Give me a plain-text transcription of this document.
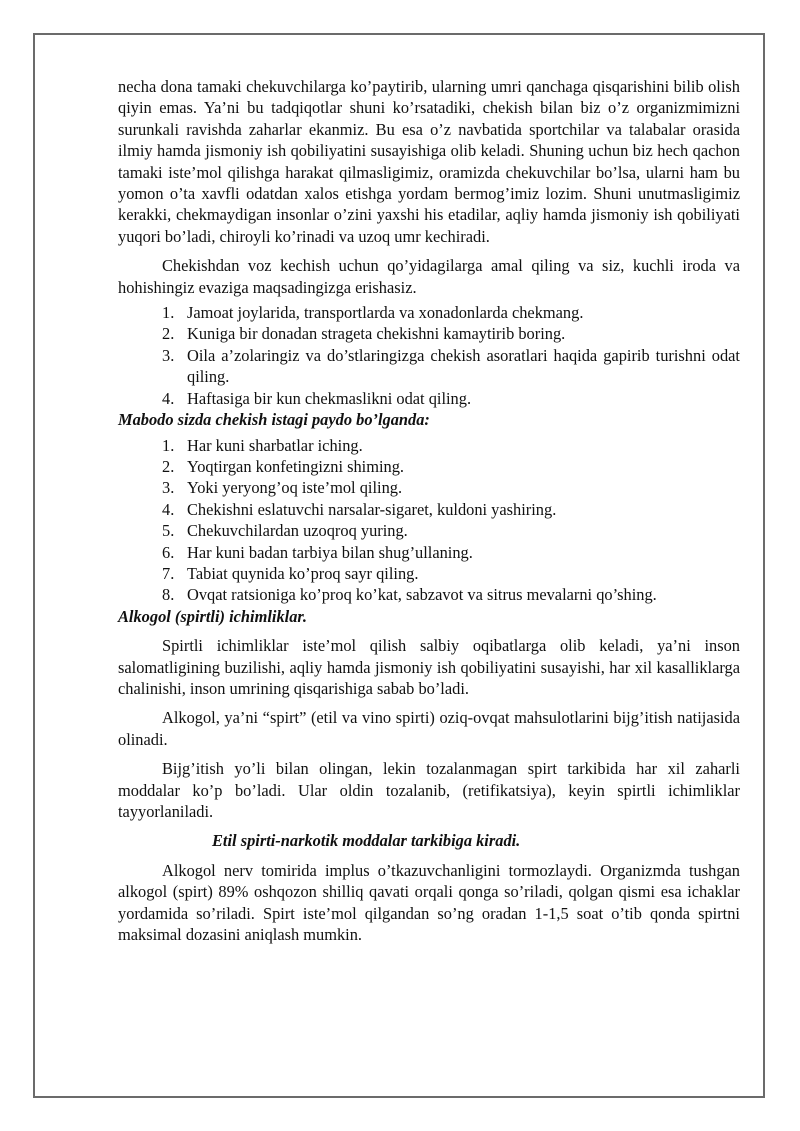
necha dona tamaki chekuvchilarga ko’paytirib, ularning umri qanchaga qisqarishini bilib olish qiyin emas. Ya’ni bu tadqiqotlar shuni ko’rsatadiki, chekish bilan biz o’z organizmimizni surunkali ravishda zaharlar ekanmiz. Bu esa o’z navbatida sportchilar va talabalar orasida ilmiy hamda jismoniy ish qobiliyatini susayishiga olib keladi. Shuning uchun biz hech qachon tamaki iste’mol qilishga harakat qilmasligimiz, oramizda chekuvchilar bo’lsa, ularni ham bu yomon o’ta xavfli odatdan xalos etishga yordam bermog’imiz lozim. Shuni unutmasligimiz kerakki, chekmaydigan insonlar o’zini yaxshi his etadilar, aqliy hamda jismoniy ish qobiliyati yuqori bo’ladi, chiroyli ko’rinadi va uzoq umr kechiradi.

Chekishdan voz kechish uchun qo’yidagilarga amal qiling va siz, kuchli iroda va hohishingiz evaziga maqsadingizga erishasiz.

1. Jamoat joylarida, transportlarda va xonadonlarda chekmang.
2. Kuniga bir donadan strageta chekishni kamaytirib boring.
3. Oila a’zolaringiz va do’stlaringizga chekish asoratlari haqida gapirib turishni odat qiling.
4. Haftasiga bir kun chekmaslikni odat qiling.

Mabodo sizda chekish istagi paydo bo’lganda:

1. Har kuni sharbatlar iching.
2. Yoqtirgan konfetingizni shiming.
3. Yoki yeryong’oq iste’mol qiling.
4. Chekishni eslatuvchi narsalar-sigaret, kuldoni yashiring.
5. Chekuvchilardan uzoqroq yuring.
6. Har kuni badan tarbiya bilan shug’ullaning.
7. Tabiat quynida ko’proq sayr qiling.
8. Ovqat ratsioniga ko’proq ko’kat, sabzavot va sitrus mevalarni qo’shing.

Alkogol (spirtli) ichimliklar.

Spirtli ichimliklar iste’mol qilish salbiy oqibatlarga olib keladi, ya’ni inson salomatligining buzilishi, aqliy hamda jismoniy ish qobiliyatini susayishi, har xil kasalliklarga chalinishi, inson umrining qisqarishiga sabab bo’ladi.

Alkogol, ya’ni “spirt” (etil va vino spirti) oziq-ovqat mahsulotlarini bijg’itish natijasida olinadi.

Bijg’itish yo’li bilan olingan, lekin tozalanmagan spirt tarkibida har xil zaharli moddalar ko’p bo’ladi. Ular oldin tozalanib, (retifikatsiya), keyin spirtli ichimliklar tayyorlaniladi.

Etil spirti-narkotik moddalar tarkibiga kiradi.

Alkogol nerv tomirida implus o’tkazuvchanligini tormozlaydi. Organizmda tushgan alkogol (spirt) 89% oshqozon shilliq qavati orqali qonga so’riladi, qolgan qismi esa ichaklar yordamida so’riladi. Spirt iste’mol qilgandan so’ng oradan 1-1,5 soat o’tib qonda spirtni maksimal dozasini aniqlash mumkin.
